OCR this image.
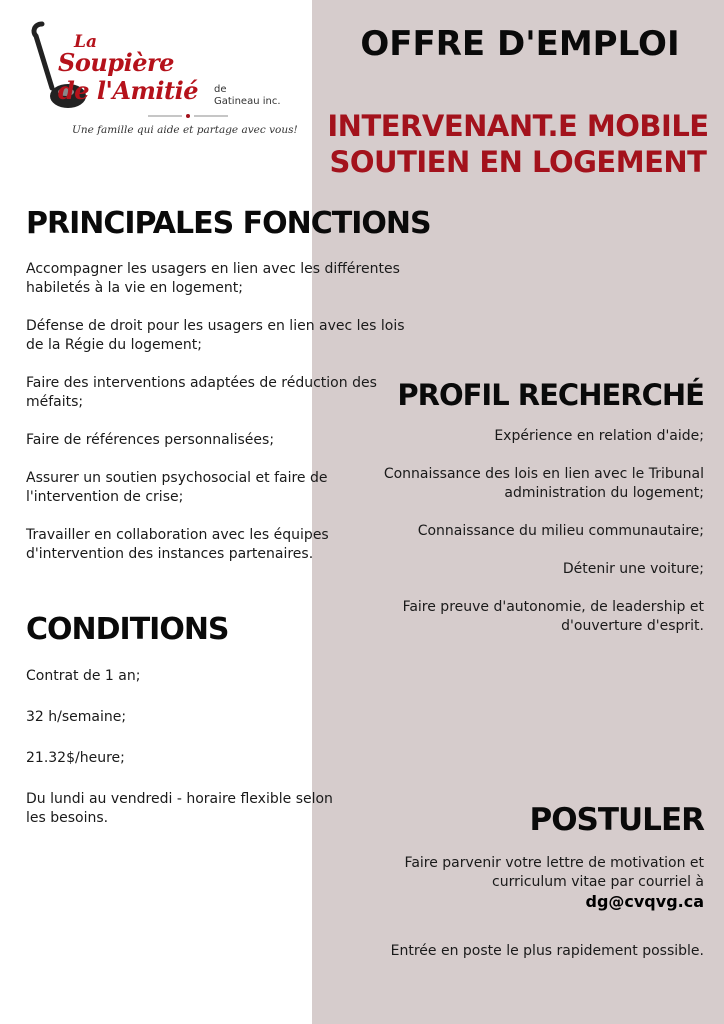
La
Soupière
de l'Amitié de
Gatineau inc.
Une famille qui aide et partage avec vous!
OFFRE D'EMPLOI
INTERVENANT.E MOBILE
SOUTIEN EN LOGEMENT
PRINCIPALES FONCTIONS
Accompagner les usagers en lien avec les différentes habiletés à la vie en logement;
Défense de droit pour les usagers en lien avec les lois de la Régie du logement;
Faire des interventions adaptées de réduction des méfaits;
Faire de références personnalisées;
Assurer un soutien psychosocial et faire de l'intervention de crise;
Travailler en collaboration avec les équipes d'intervention des instances partenaires.
CONDITIONS
Contrat de 1 an;
32 h/semaine;
21.32$/heure;
Du lundi au vendredi - horaire flexible selon les besoins.
PROFIL RECHERCHÉ
Expérience en relation d'aide;
Connaissance des lois en lien avec le Tribunal administration du logement;
Connaissance du milieu communautaire;
Détenir une voiture;
Faire preuve d'autonomie, de leadership et d'ouverture d'esprit.
POSTULER
Faire parvenir votre lettre de motivation et curriculum vitae par courriel à
dg@cvqvg.ca
Entrée en poste le plus rapidement possible.
